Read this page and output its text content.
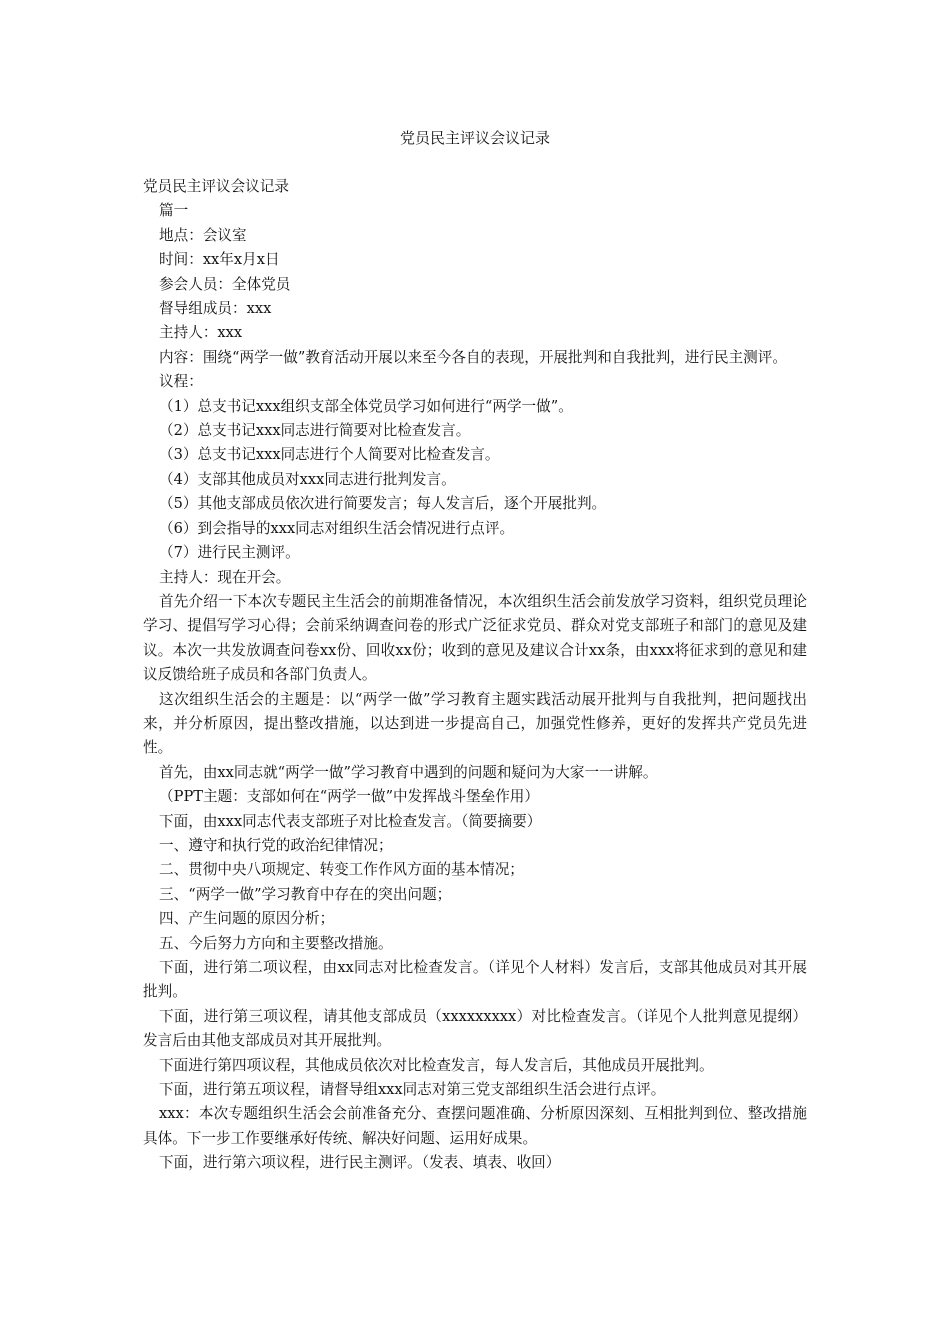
党员民主评议会议记录

党员民主评议会议记录

篇一

地点：会议室

时间：xx年x月x日

参会人员：全体党员

督导组成员：xxx

主持人：xxx

内容：围绕“两学一做”教育活动开展以来至今各自的表现，开展批判和自我批判，进行民主测评。

议程：

（1）总支书记xxx组织支部全体党员学习如何进行“两学一做”。

（2）总支书记xxx同志进行简要对比检查发言。

（3）总支书记xxx同志进行个人简要对比检查发言。

（4）支部其他成员对xxx同志进行批判发言。

（5）其他支部成员依次进行简要发言；每人发言后，逐个开展批判。

（6）到会指导的xxx同志对组织生活会情况进行点评。

（7）进行民主测评。

主持人：现在开会。

首先介绍一下本次专题民主生活会的前期准备情况，本次组织生活会前发放学习资料，组织党员理论学习、提倡写学习心得；会前采纳调查问卷的形式广泛征求党员、群众对党支部班子和部门的意见及建议。本次一共发放调查问卷xx份、回收xx份；收到的意见及建议合计xx条，由xxx将征求到的意见和建议反馈给班子成员和各部门负责人。

这次组织生活会的主题是：以“两学一做”学习教育主题实践活动展开批判与自我批判，把问题找出来，并分析原因，提出整改措施，以达到进一步提高自己，加强党性修养，更好的发挥共产党员先进性。

首先，由xx同志就“两学一做”学习教育中遇到的问题和疑问为大家一一讲解。

（PPT主题：支部如何在“两学一做”中发挥战斗堡垒作用）

下面，由xxx同志代表支部班子对比检查发言。（简要摘要）

一、遵守和执行党的政治纪律情况；

二、贯彻中央八项规定、转变工作作风方面的基本情况；

三、“两学一做”学习教育中存在的突出问题；

四、产生问题的原因分析；

五、今后努力方向和主要整改措施。

下面，进行第二项议程，由xx同志对比检查发言。（详见个人材料）发言后，支部其他成员对其开展批判。

下面，进行第三项议程，请其他支部成员（xxxxxxxxx）对比检查发言。（详见个人批判意见提纲）发言后由其他支部成员对其开展批判。

下面进行第四项议程，其他成员依次对比检查发言，每人发言后，其他成员开展批判。

下面，进行第五项议程，请督导组xxx同志对第三党支部组织生活会进行点评。

xxx：本次专题组织生活会会前准备充分、查摆问题准确、分析原因深刻、互相批判到位、整改措施具体。下一步工作要继承好传统、解决好问题、运用好成果。

下面，进行第六项议程，进行民主测评。（发表、填表、收回）
